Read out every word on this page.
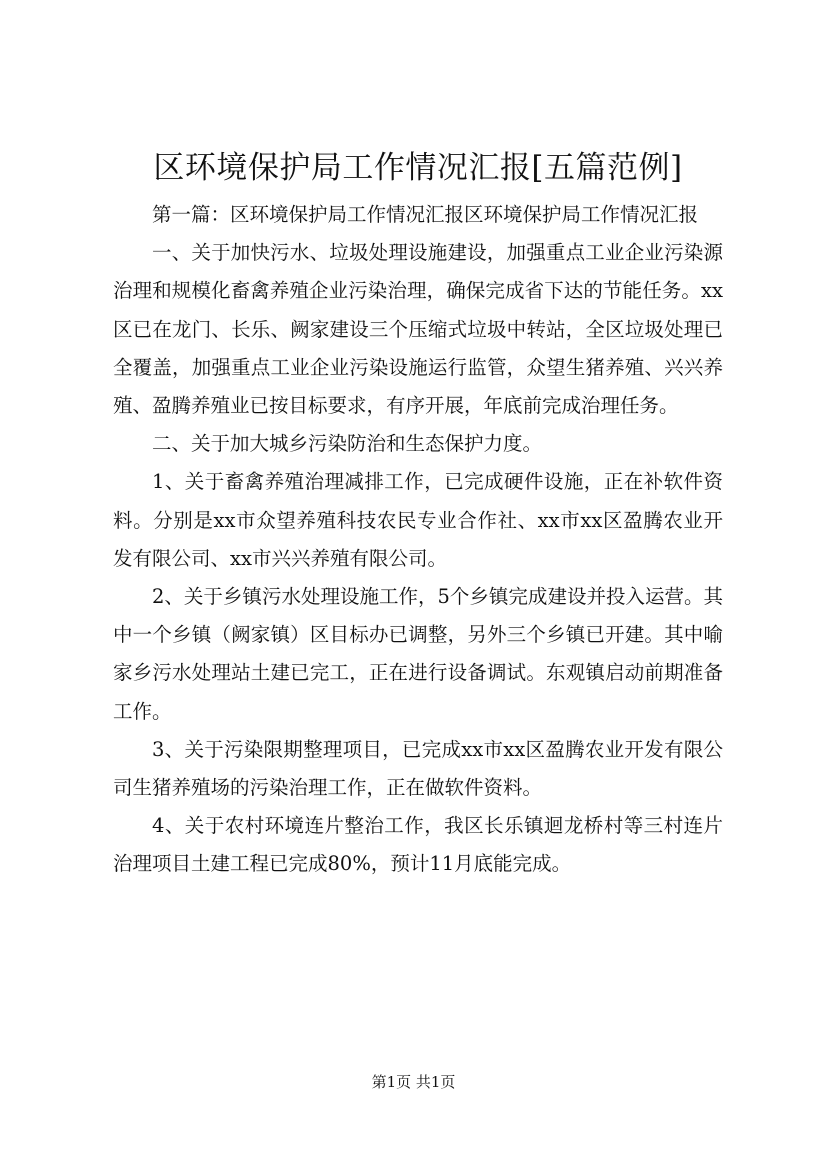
区环境保护局工作情况汇报[五篇范例]

第一篇：区环境保护局工作情况汇报区环境保护局工作情况汇报

一、关于加快污水、垃圾处理设施建设，加强重点工业企业污染源治理和规模化畜禽养殖企业污染治理，确保完成省下达的节能任务。xx区已在龙门、长乐、阙家建设三个压缩式垃圾中转站，全区垃圾处理已全覆盖，加强重点工业企业污染设施运行监管，众望生猪养殖、兴兴养殖、盈腾养殖业已按目标要求，有序开展，年底前完成治理任务。

二、关于加大城乡污染防治和生态保护力度。

1、关于畜禽养殖治理减排工作，已完成硬件设施，正在补软件资料。分别是xx市众望养殖科技农民专业合作社、xx市xx区盈腾农业开发有限公司、xx市兴兴养殖有限公司。

2、关于乡镇污水处理设施工作，5个乡镇完成建设并投入运营。其中一个乡镇（阙家镇）区目标办已调整，另外三个乡镇已开建。其中喻家乡污水处理站土建已完工，正在进行设备调试。东观镇启动前期准备工作。

3、关于污染限期整理项目，已完成xx市xx区盈腾农业开发有限公司生猪养殖场的污染治理工作，正在做软件资料。

4、关于农村环境连片整治工作，我区长乐镇迴龙桥村等三村连片治理项目土建工程已完成80%，预计11月底能完成。

第1页 共1页
